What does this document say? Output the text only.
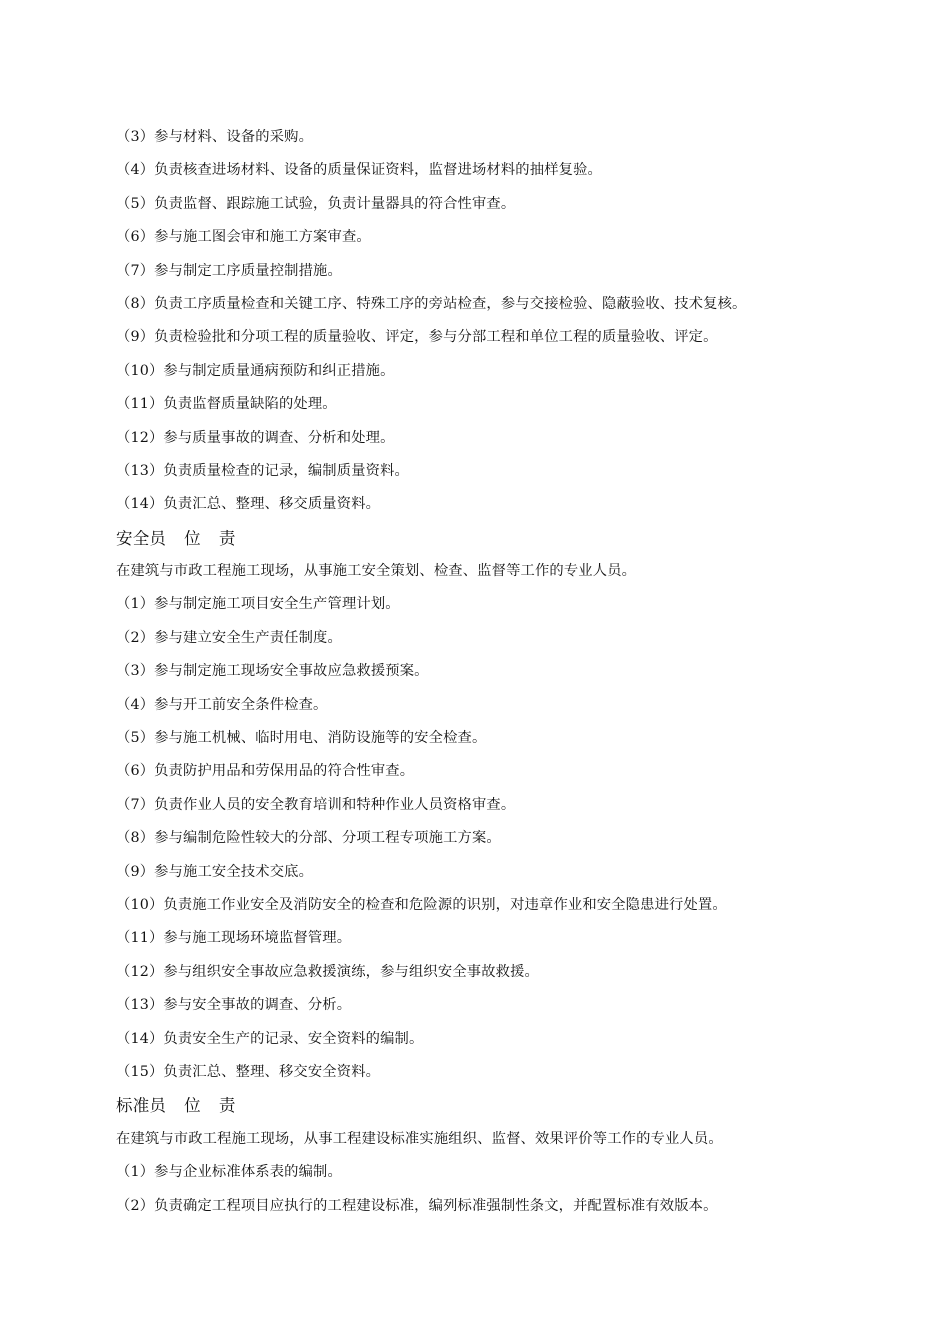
（3）参与材料、设备的采购。
（4）负责核查进场材料、设备的质量保证资料，监督进场材料的抽样复验。
（5）负责监督、跟踪施工试验，负责计量器具的符合性审查。
（6）参与施工图会审和施工方案审查。
（7）参与制定工序质量控制措施。
（8）负责工序质量检查和关键工序、特殊工序的旁站检查，参与交接检验、隐蔽验收、技术复核。
（9）负责检验批和分项工程的质量验收、评定，参与分部工程和单位工程的质量验收、评定。
（10）参与制定质量通病预防和纠正措施。
（11）负责监督质量缺陷的处理。
（12）参与质量事故的调查、分析和处理。
（13）负责质量检查的记录，编制质量资料。
（14）负责汇总、整理、移交质量资料。
安全员 位 责
在建筑与市政工程施工现场，从事施工安全策划、检查、监督等工作的专业人员。
（1）参与制定施工项目安全生产管理计划。
（2）参与建立安全生产责任制度。
（3）参与制定施工现场安全事故应急救援预案。
（4）参与开工前安全条件检查。
（5）参与施工机械、临时用电、消防设施等的安全检查。
（6）负责防护用品和劳保用品的符合性审查。
（7）负责作业人员的安全教育培训和特种作业人员资格审查。
（8）参与编制危险性较大的分部、分项工程专项施工方案。
（9）参与施工安全技术交底。
（10）负责施工作业安全及消防安全的检查和危险源的识别，对违章作业和安全隐患进行处置。
（11）参与施工现场环境监督管理。
（12）参与组织安全事故应急救援演练，参与组织安全事故救援。
（13）参与安全事故的调查、分析。
（14）负责安全生产的记录、安全资料的编制。
（15）负责汇总、整理、移交安全资料。
标准员 位 责
在建筑与市政工程施工现场，从事工程建设标准实施组织、监督、效果评价等工作的专业人员。
（1）参与企业标准体系表的编制。
（2）负责确定工程项目应执行的工程建设标准，编列标准强制性条文，并配置标准有效版本。
